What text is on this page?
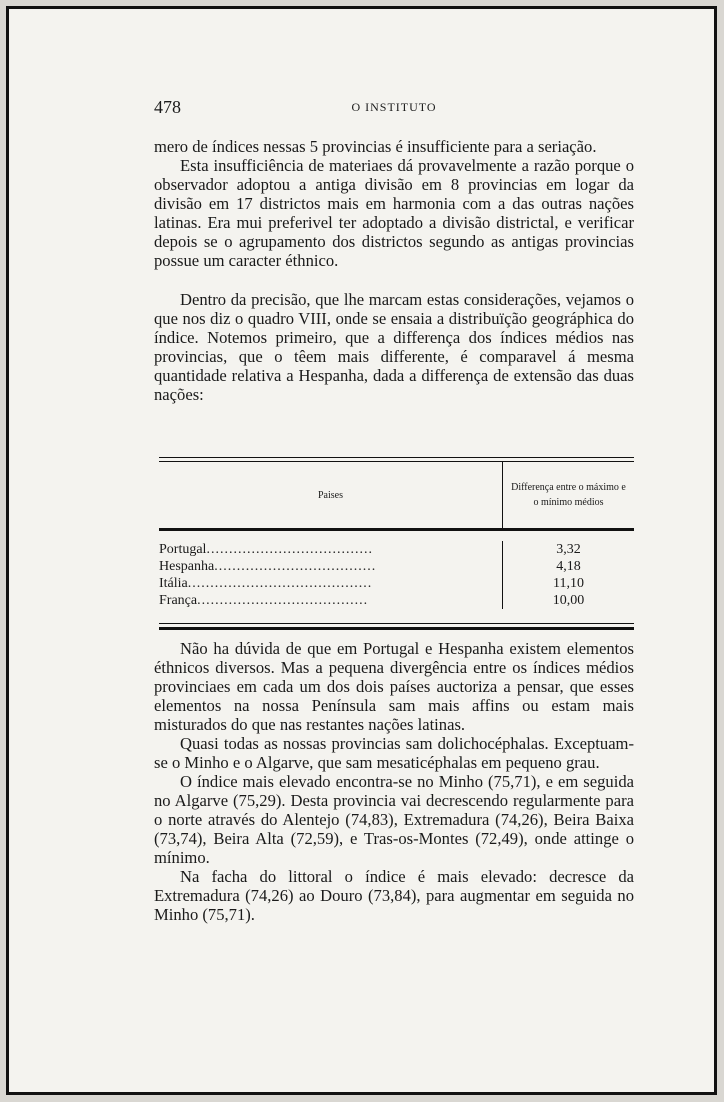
478	O INSTITUTO

mero de índices nessas 5 provincias é insufficiente para a seriação.

Esta insufficiência de materiaes dá provavelmente a razão porque o observador adoptou a antiga divisão em 8 provincias em logar da divisão em 17 districtos mais em harmonia com a das outras nações latinas. Era mui preferivel ter adoptado a divisão districtal, e verificar depois se o agrupamento dos districtos segundo as antigas provincias possue um caracter éthnico.

Dentro da precisão, que lhe marcam estas considerações, vejamos o que nos diz o quadro VIII, onde se ensaia a distribuïção geográphica do índice. Notemos primeiro, que a differença dos índices médios nas provincias, que o têem mais differente, é comparavel á mesma quantidade relativa a Hespanha, dada a differença de extensão das duas nações:

Paises
Differença entre o máximo e o mínimo médios
Portugal.....................................
Hespanha....................................
Itália.........................................
França......................................
3,32
4,18
11,10
10,00

Não ha dúvida de que em Portugal e Hespanha existem elementos éthnicos diversos. Mas a pequena divergência entre os índices médios provinciaes em cada um dos dois países auctoriza a pensar, que esses elementos na nossa Península sam mais affins ou estam mais misturados do que nas restantes nações latinas.

Quasi todas as nossas provincias sam dolichocéphalas. Exceptuam-se o Minho e o Algarve, que sam mesaticéphalas em pequeno grau.

O índice mais elevado encontra-se no Minho (75,71), e em seguida no Algarve (75,29). Desta provincia vai decrescendo regularmente para o norte através do Alentejo (74,83), Extremadura (74,26), Beira Baixa (73,74), Beira Alta (72,59), e Tras-os-Montes (72,49), onde attinge o mínimo.

Na facha do littoral o índice é mais elevado: decresce da Extremadura (74,26) ao Douro (73,84), para augmentar em seguida no Minho (75,71).
